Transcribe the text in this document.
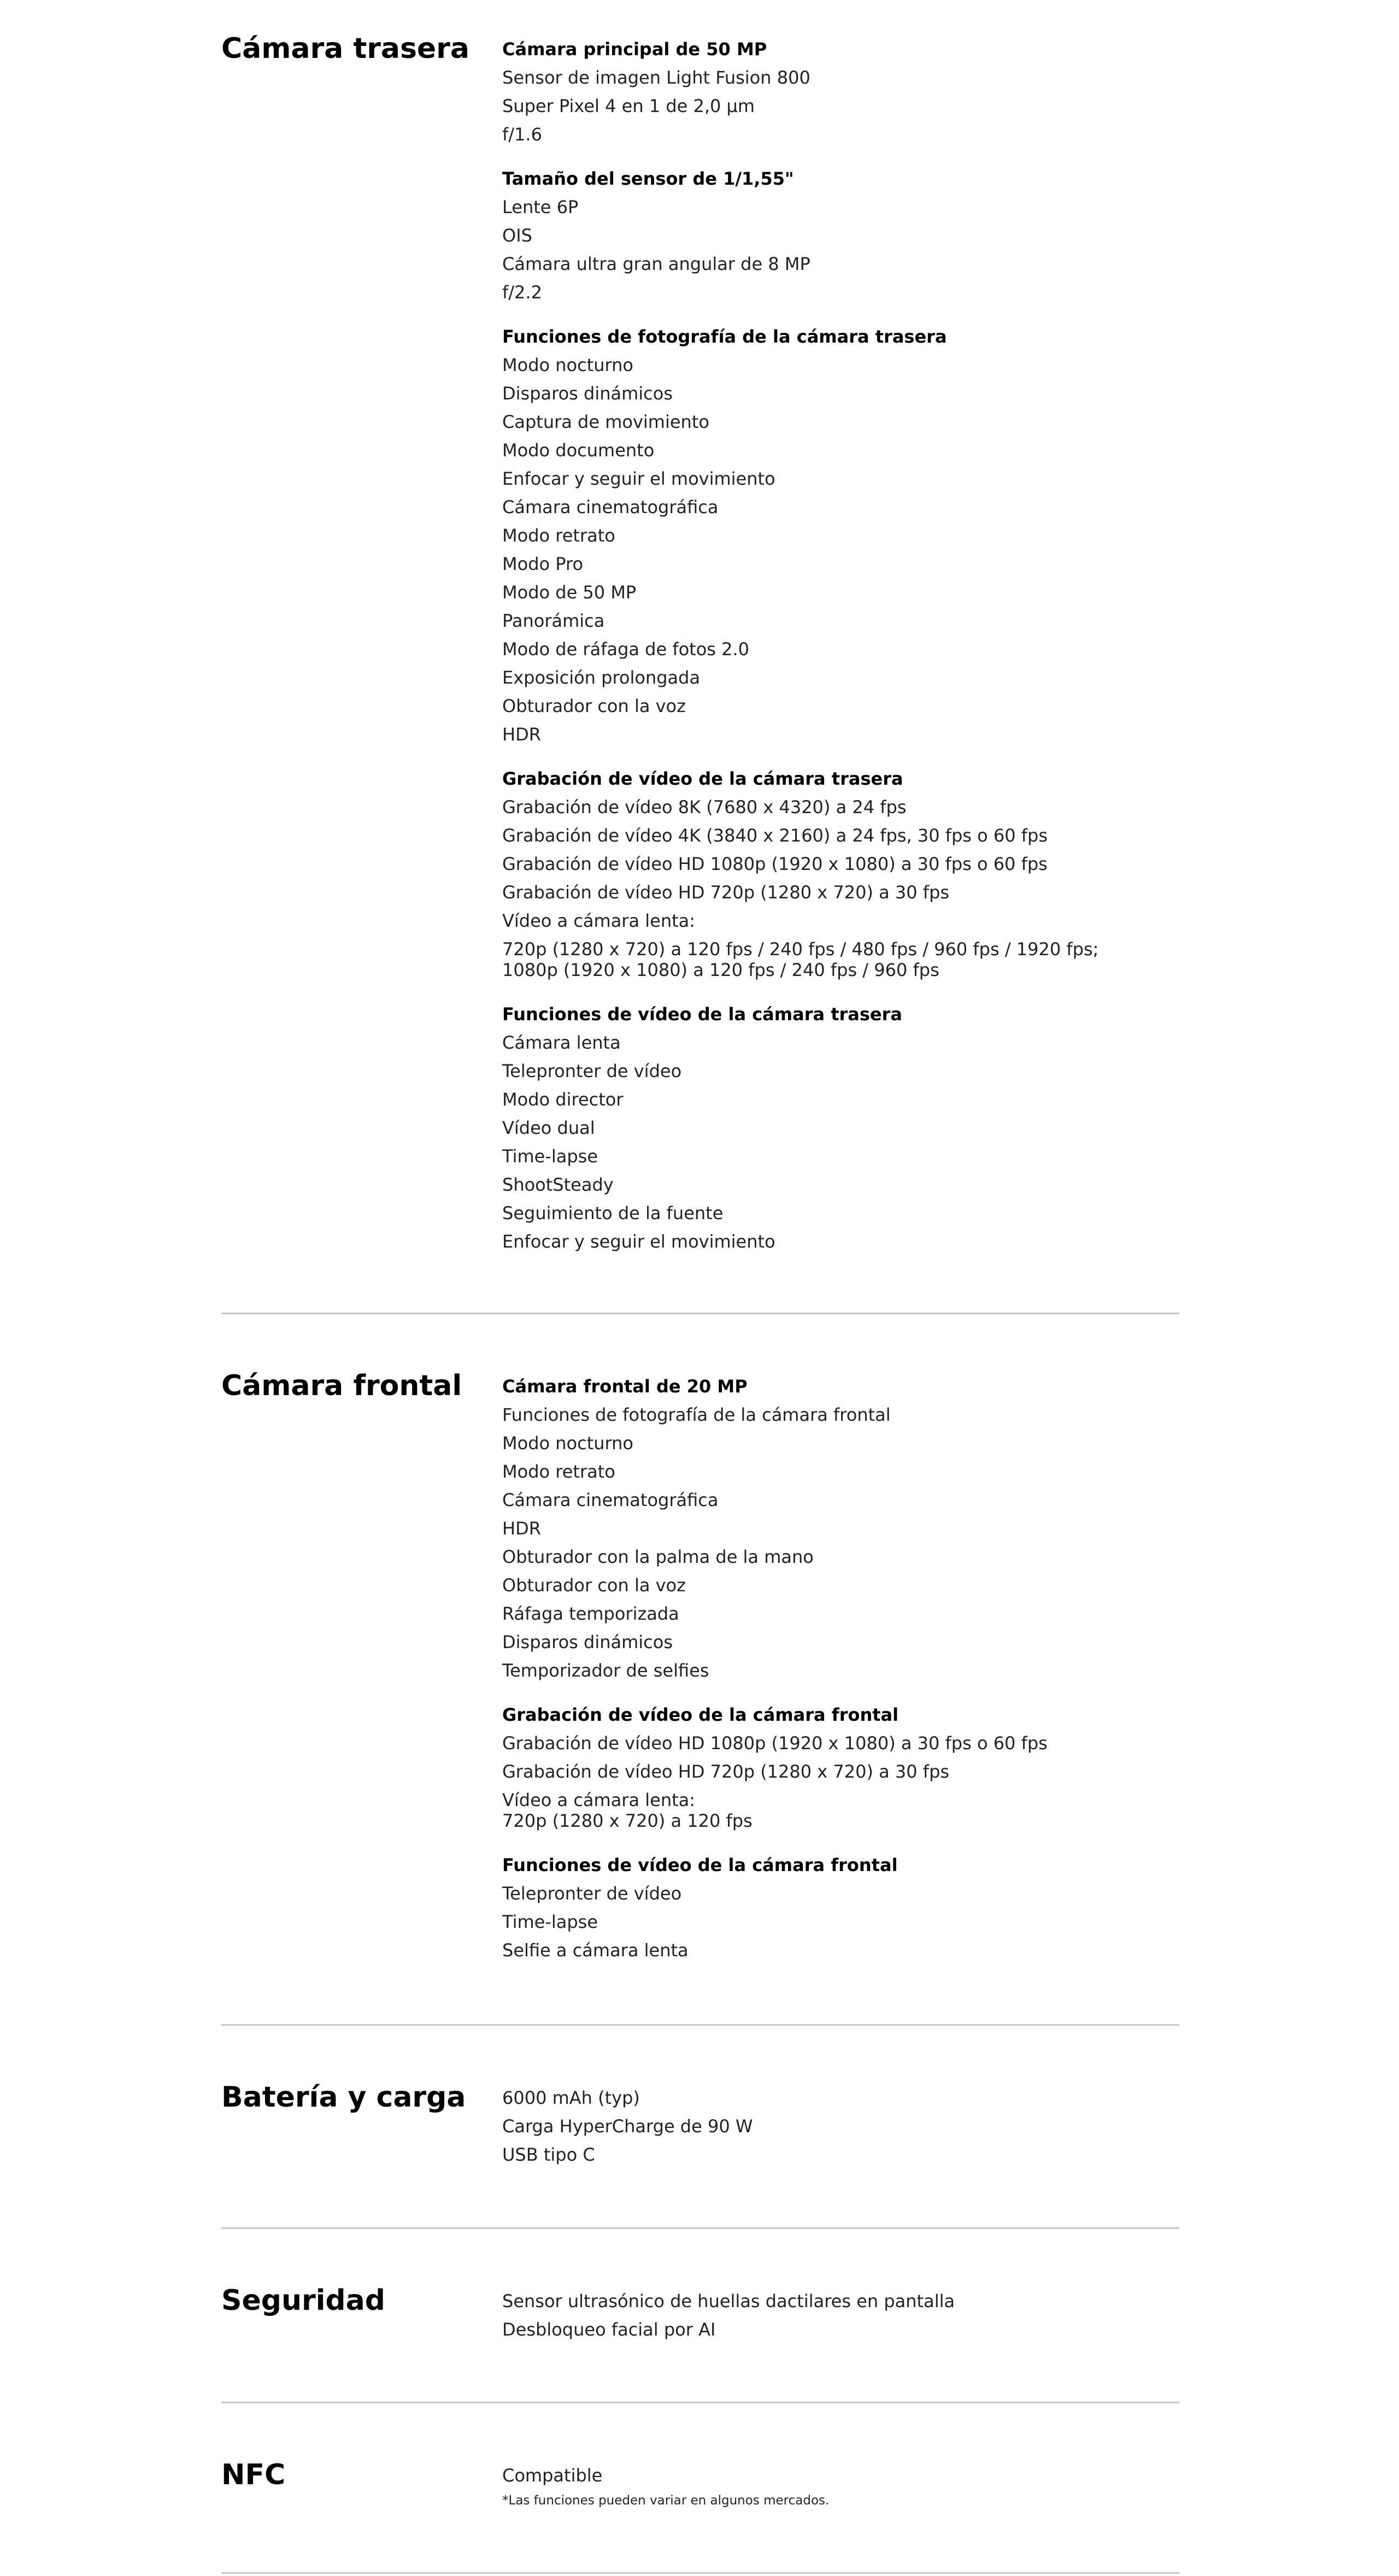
Cámara trasera Cámara principal de 50 MP
Sensor de imagen Light Fusion 800
Super Pixel 4 en 1 de 2,0 μm
f/1.6
Tamaño del sensor de 1/1,55"
Lente 6P
OIS
Cámara ultra gran angular de 8 MP
f/2.2
Funciones de fotografía de la cámara trasera
Modo nocturno
Disparos dinámicos
Captura de movimiento
Modo documento
Enfocar y seguir el movimiento
Cámara cinematográfica
Modo retrato
Modo Pro
Modo de 50 MP
Panorámica
Modo de ráfaga de fotos 2.0
Exposición prolongada
Obturador con la voz
HDR
Grabación de vídeo de la cámara trasera
Grabación de vídeo 8K (7680 x 4320) a 24 fps
Grabación de vídeo 4K (3840 x 2160) a 24 fps, 30 fps o 60 fps
Grabación de vídeo HD 1080p (1920 x 1080) a 30 fps o 60 fps
Grabación de vídeo HD 720p (1280 x 720) a 30 fps
Vídeo a cámara lenta:
720p (1280 x 720) a 120 fps / 240 fps / 480 fps / 960 fps / 1920 fps; 1080p (1920 x 1080) a 120 fps / 240 fps / 960 fps
Funciones de vídeo de la cámara trasera
Cámara lenta
Telepronter de vídeo
Modo director
Vídeo dual
Time-lapse
ShootSteady
Seguimiento de la fuente
Enfocar y seguir el movimiento
Cámara frontal Cámara frontal de 20 MP
Funciones de fotografía de la cámara frontal
Modo nocturno
Modo retrato
Cámara cinematográfica
HDR
Obturador con la palma de la mano
Obturador con la voz
Ráfaga temporizada
Disparos dinámicos
Temporizador de selfies
Grabación de vídeo de la cámara frontal
Grabación de vídeo HD 1080p (1920 x 1080) a 30 fps o 60 fps
Grabación de vídeo HD 720p (1280 x 720) a 30 fps
Vídeo a cámara lenta:
720p (1280 x 720) a 120 fps
Funciones de vídeo de la cámara frontal
Telepronter de vídeo
Time-lapse
Selfie a cámara lenta
Batería y carga 6000 mAh (typ)
Carga HyperCharge de 90 W
USB tipo C
Seguridad	Sensor ultrasónico de huellas dactilares en pantalla
Desbloqueo facial por AI
NFC	Compatible
*Las funciones pueden variar en algunos mercados.
